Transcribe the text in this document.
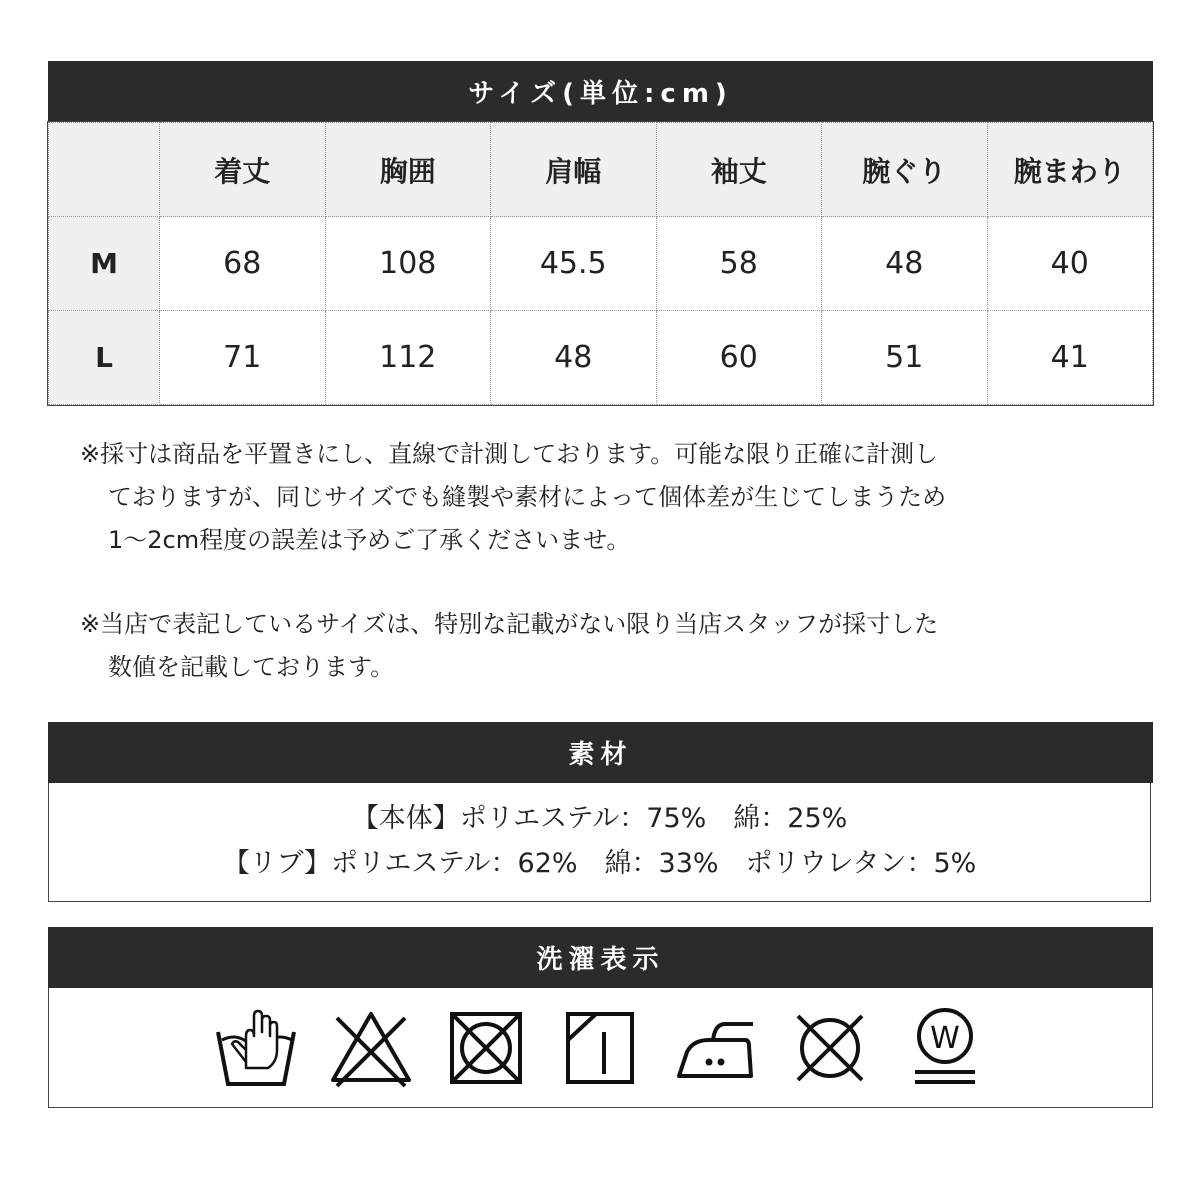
サイズ(単位:cm)
	着丈	胸囲	肩幅	袖丈	腕ぐり	腕まわり
M	68	108	45.5	58	48	40
L	71	112	48	60	51	41

※採寸は商品を平置きにし、直線で計測しております。可能な限り正確に計測し

ておりますが、同じサイズでも縫製や素材によって個体差が生じてしまうため

1〜2cm程度の誤差は予めご了承くださいませ。

※当店で表記しているサイズは、特別な記載がない限り当店スタッフが採寸した

数値を記載しております。

素材
【本体】ポリエステル：75%　綿：25%
【リブ】ポリエステル：62%　綿：33%　ポリウレタン：5%
洗濯表示
W
